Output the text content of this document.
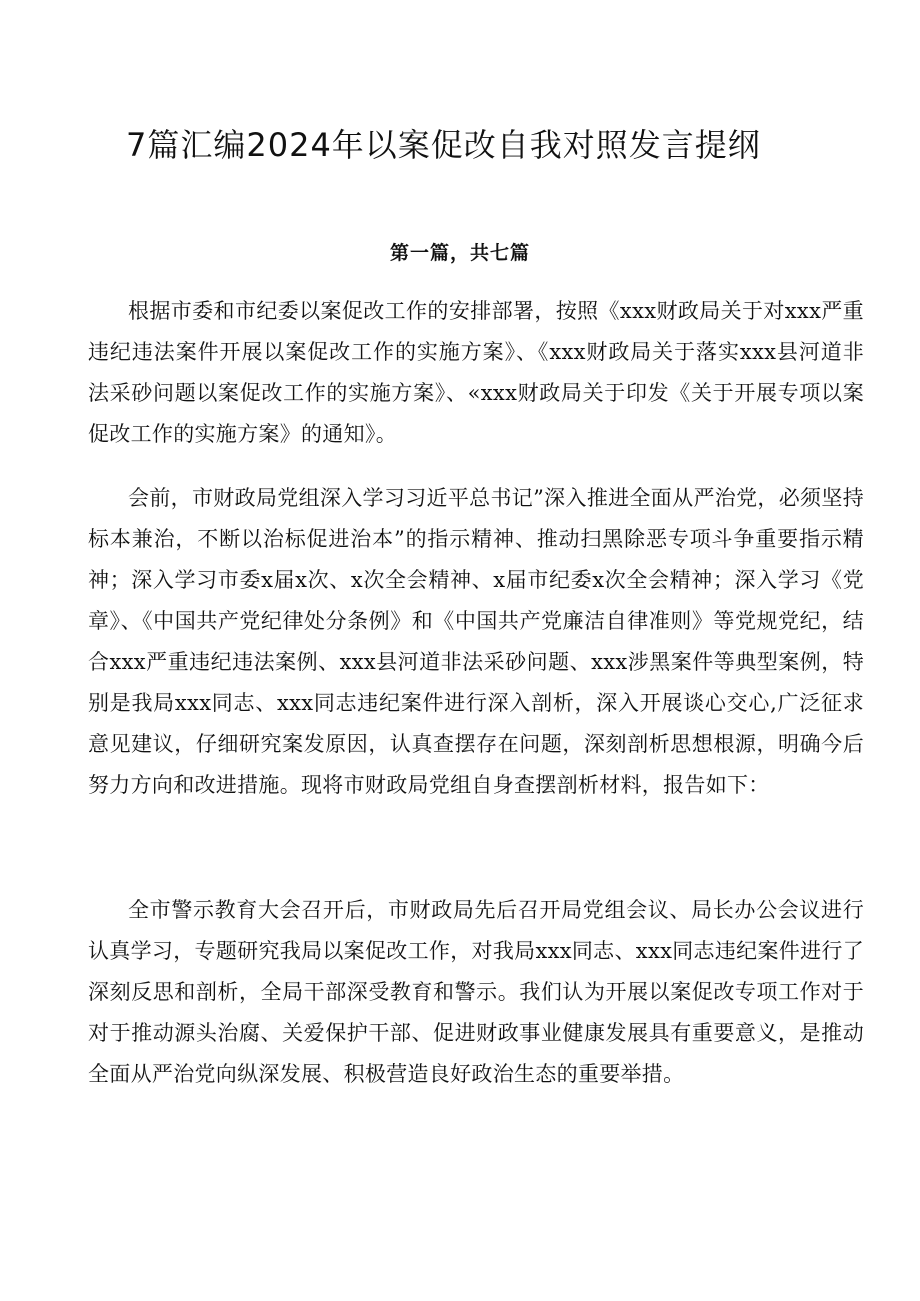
7篇汇编2024年以案促改自我对照发言提纲
第一篇，共七篇

根据市委和市纪委以案促改工作的安排部署，按照《xxx财政局关于对xxx严重违纪违法案件开展以案促改工作的实施方案》、《xxx财政局关于落实xxx县河道非法采砂问题以案促改工作的实施方案》、«xxx财政局关于印发《关于开展专项以案促改工作的实施方案》的通知》。

会前，市财政局党组深入学习习近平总书记”深入推进全面从严治党，必须坚持标本兼治，不断以治标促进治本”的指示精神、推动扫黑除恶专项斗争重要指示精神；深入学习市委x届x次、x次全会精神、x届市纪委x次全会精神；深入学习《党章》、《中国共产党纪律处分条例》和《中国共产党廉洁自律准则》等党规党纪，结合xxx严重违纪违法案例、xxx县河道非法采砂问题、xxx涉黑案件等典型案例，特别是我局xxx同志、xxx同志违纪案件进行深入剖析，深入开展谈心交心,广泛征求意见建议，仔细研究案发原因，认真查摆存在问题，深刻剖析思想根源，明确今后努力方向和改进措施。现将市财政局党组自身查摆剖析材料，报告如下：

全市警示教育大会召开后，市财政局先后召开局党组会议、局长办公会议进行认真学习，专题研究我局以案促改工作，对我局xxx同志、xxx同志违纪案件进行了深刻反思和剖析，全局干部深受教育和警示。我们认为开展以案促改专项工作对于对于推动源头治腐、关爱保护干部、促进财政事业健康发展具有重要意义，是推动全面从严治党向纵深发展、积极营造良好政治生态的重要举措。
